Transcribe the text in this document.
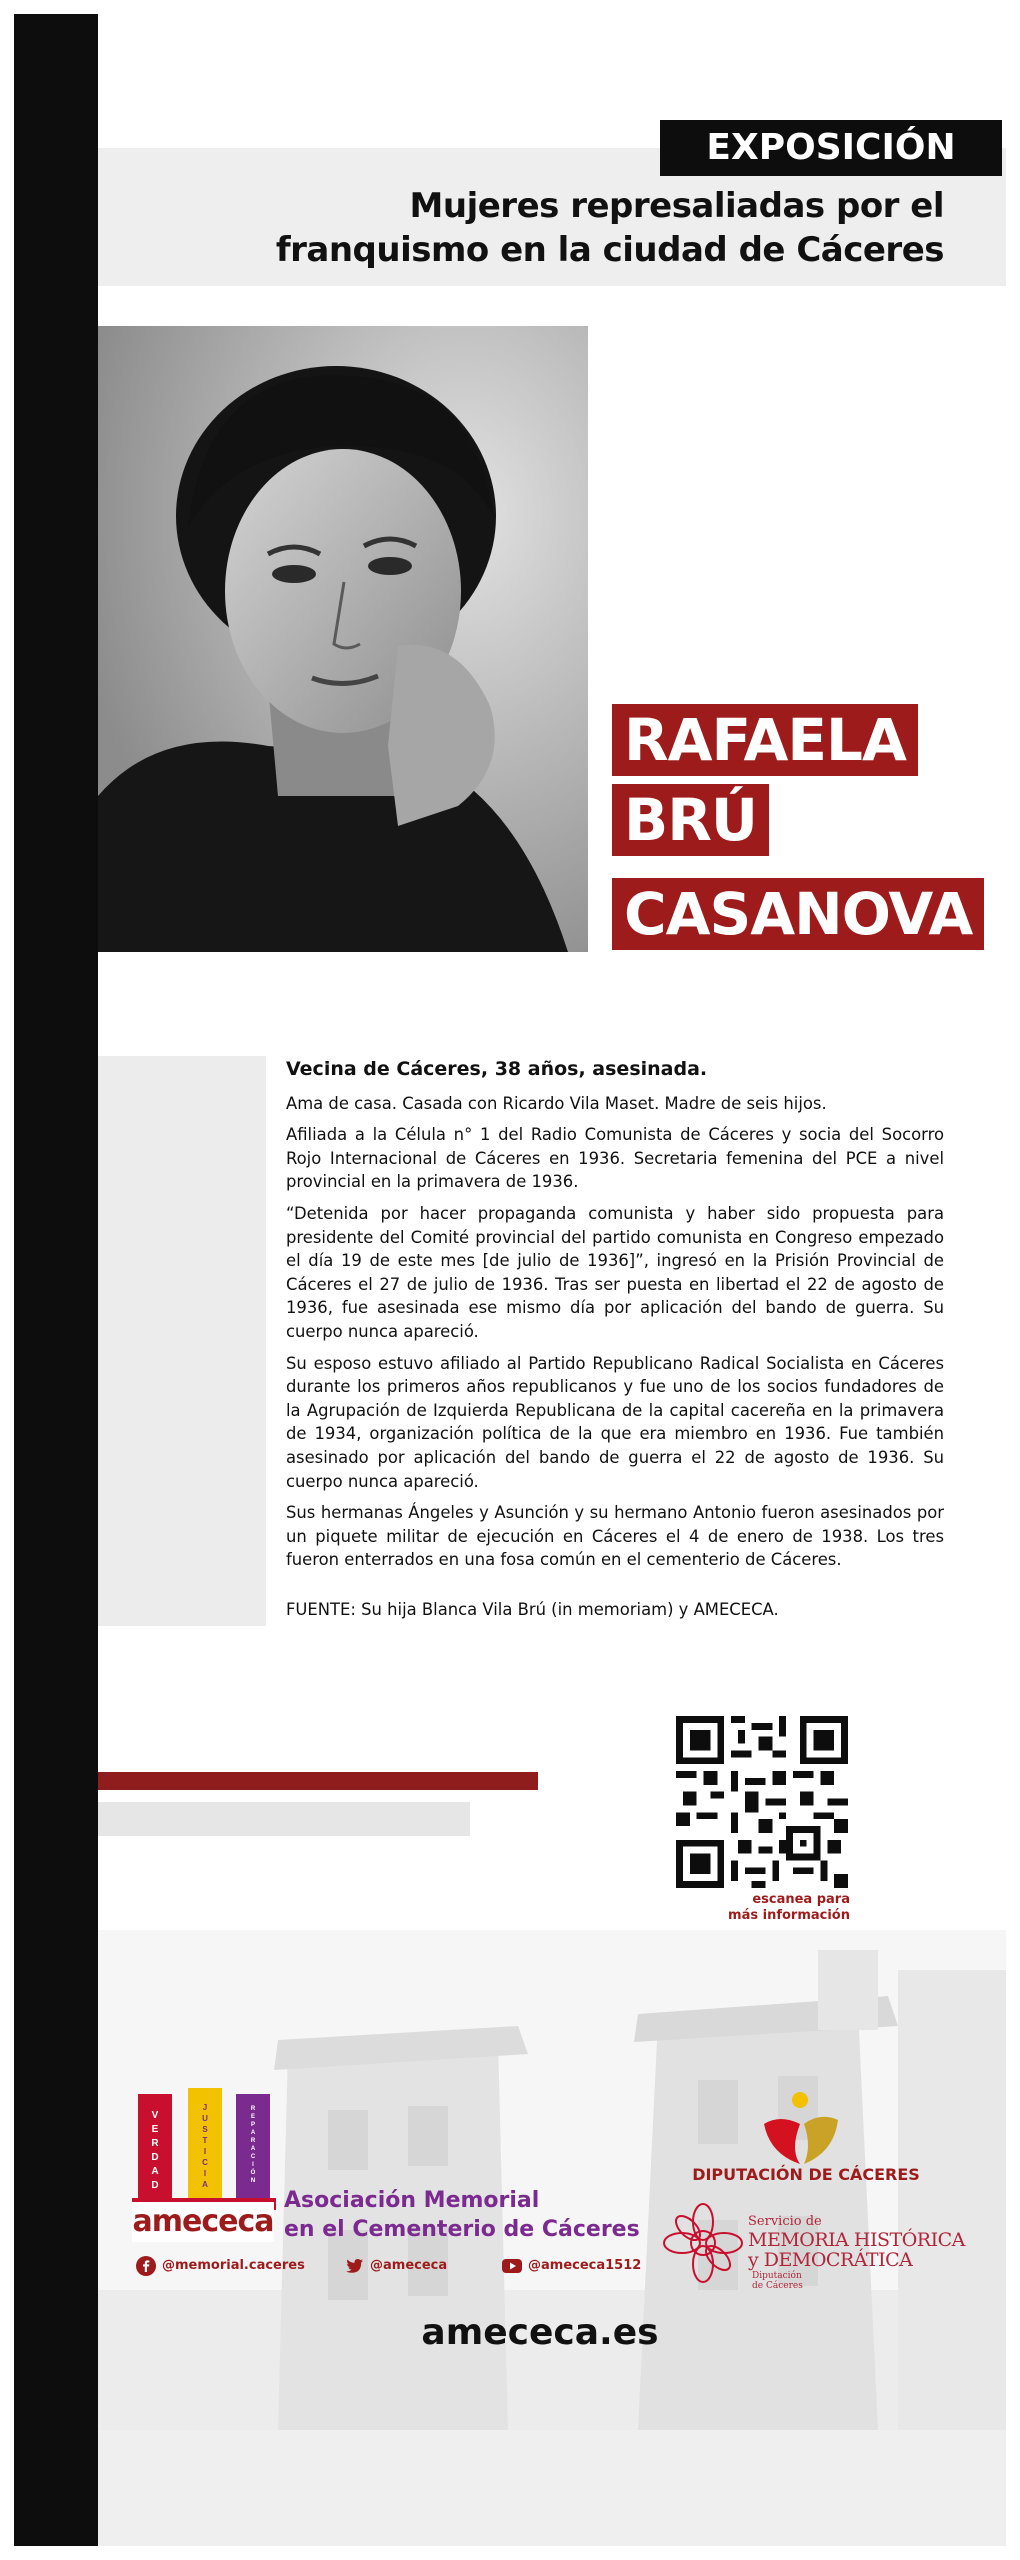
EXPOSICIÓN
Mujeres represaliadas por el
franquismo en la ciudad de Cáceres
RAFAELA
BRÚ
CASANOVA

Vecina de Cáceres, 38 años, asesinada.

Ama de casa. Casada con Ricardo Vila Maset. Madre de seis hijos.

Afiliada a la Célula n° 1 del Radio Comunista de Cáceres y socia del Socorro Rojo Internacional de Cáceres en 1936. Secretaria femenina del PCE a nivel provincial en la primavera de 1936.

“Detenida por hacer propaganda comunista y haber sido propuesta para presidente del Comité provincial del partido comunista en Congreso empezado el día 19 de este mes [de julio de 1936]”, ingresó en la Prisión Provincial de Cáceres el 27 de julio de 1936. Tras ser puesta en libertad el 22 de agosto de 1936, fue asesinada ese mismo día por aplicación del bando de guerra. Su cuerpo nunca apareció.

Su esposo estuvo afiliado al Partido Republicano Radical Socialista en Cáceres durante los primeros años republicanos y fue uno de los socios fundadores de la Agrupación de Izquierda Republicana de la capital cacereña en la primavera de 1934, organización política de la que era miembro en 1936. Fue también asesinado por aplicación del bando de guerra el 22 de agosto de 1936. Su cuerpo nunca apareció.

Sus hermanas Ángeles y Asunción y su hermano Antonio fueron asesinados por un piquete militar de ejecución en Cáceres el 4 de enero de 1938. Los tres fueron enterrados en una fosa común en el cementerio de Cáceres.

FUENTE: Su hija Blanca Vila Brú (in memoriam) y AMECECA.

escanea para
más información
V E R D A D
J U S T I C I A
R E P A R A C I Ó N
amececa
Asociación Memorial
en el Cementerio de Cáceres
@memorial.caceres	@amececa	@amececa1512
DIPUTACIÓN DE CÁCERES
Servicio de
MEMORIA HISTÓRICA
y DEMOCRÁTICA Diputación de Cáceres
amececa.es
